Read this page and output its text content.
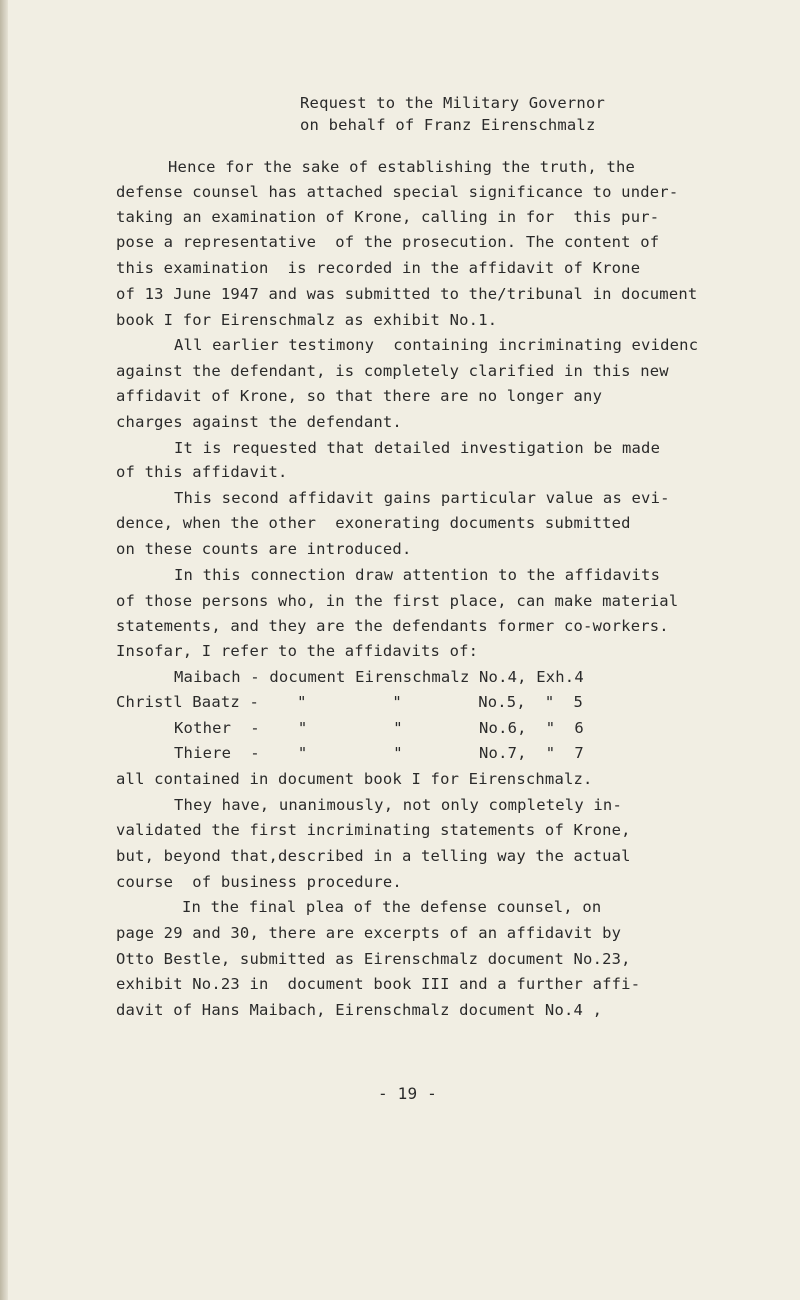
Request to the Military Governor
on behalf of Franz Eirenschmalz
Hence for the sake of establishing the truth, the
defense counsel has attached special significance to under-
taking an examination of Krone, calling in for  this pur-
pose a representative  of the prosecution. The content of
this examination  is recorded in the affidavit of Krone
of 13 June 1947 and was submitted to the/tribunal in document
book I for Eirenschmalz as exhibit No.1.
All earlier testimony  containing incriminating evidenc
against the defendant, is completely clarified in this new
affidavit of Krone, so that there are no longer any
charges against the defendant.
It is requested that detailed investigation be made
of this affidavit.
This second affidavit gains particular value as evi-
dence, when the other  exonerating documents submitted
on these counts are introduced.
In this connection draw attention to the affidavits
of those persons who, in the first place, can make material
statements, and they are the defendants former co-workers.
Insofar, I refer to the affidavits of:
Maibach - document Eirenschmalz No.4, Exh.4
Christl Baatz -    "         "        No.5,  "  5
Kother  -    "         "        No.6,  "  6
Thiere  -    "         "        No.7,  "  7
all contained in document book I for Eirenschmalz.
They have, unanimously, not only completely in-
validated the first incriminating statements of Krone,
but, beyond that,described in a telling way the actual
course  of business procedure.
In the final plea of the defense counsel, on
page 29 and 30, there are excerpts of an affidavit by
Otto Bestle, submitted as Eirenschmalz document No.23,
exhibit No.23 in  document book III and a further affi-
davit of Hans Maibach, Eirenschmalz document No.4 ,
- 19 -
